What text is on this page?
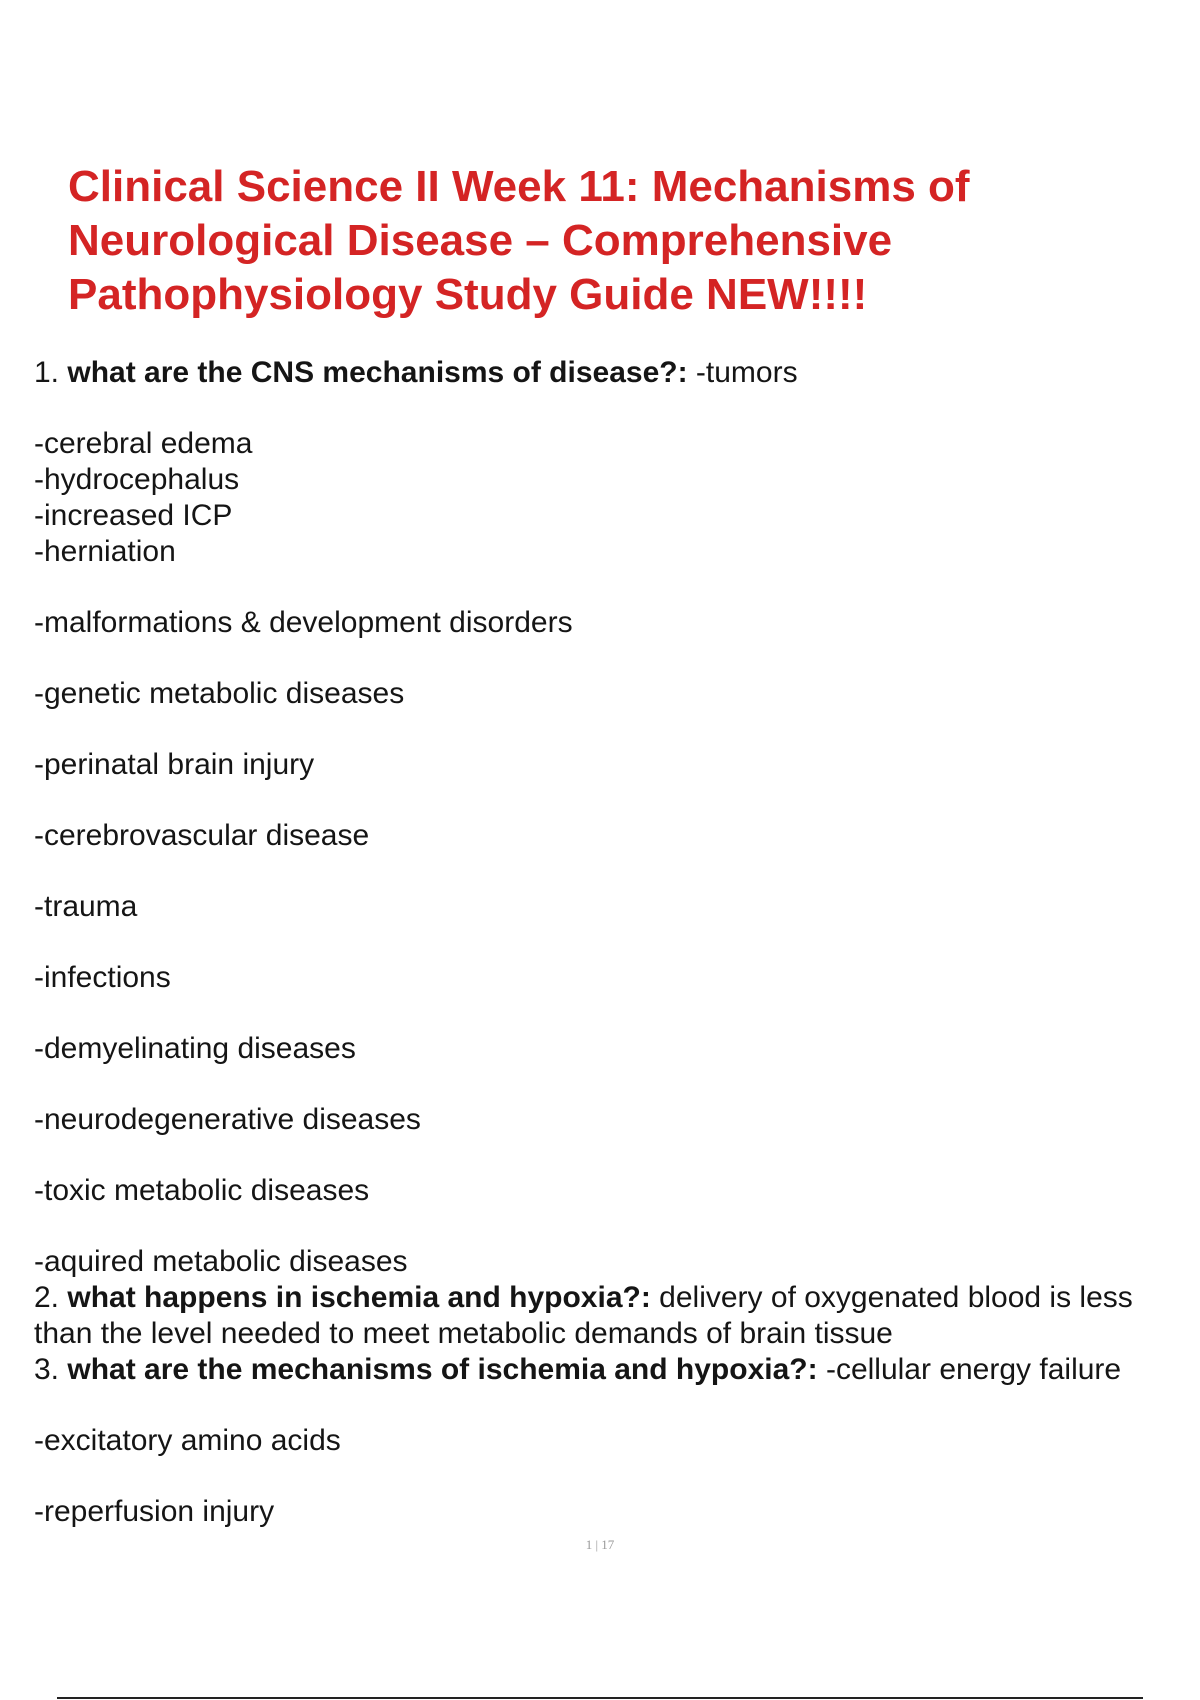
Clinical Science II Week 11: Mechanisms of Neurological Disease – Comprehensive Pathophysiology Study Guide NEW!!!!

1. what are the CNS mechanisms of disease?: -tumors

-cerebral edema

-hydrocephalus

-increased ICP

-herniation

-malformations & development disorders

-genetic metabolic diseases

-perinatal brain injury

-cerebrovascular disease

-trauma

-infections

-demyelinating diseases

-neurodegenerative diseases

-toxic metabolic diseases

-aquired metabolic diseases

2. what happens in ischemia and hypoxia?: delivery of oxygenated blood is less than the level needed to meet metabolic demands of brain tissue

3. what are the mechanisms of ischemia and hypoxia?: -cellular energy failure

-excitatory amino acids

-reperfusion injury

1 | 17
